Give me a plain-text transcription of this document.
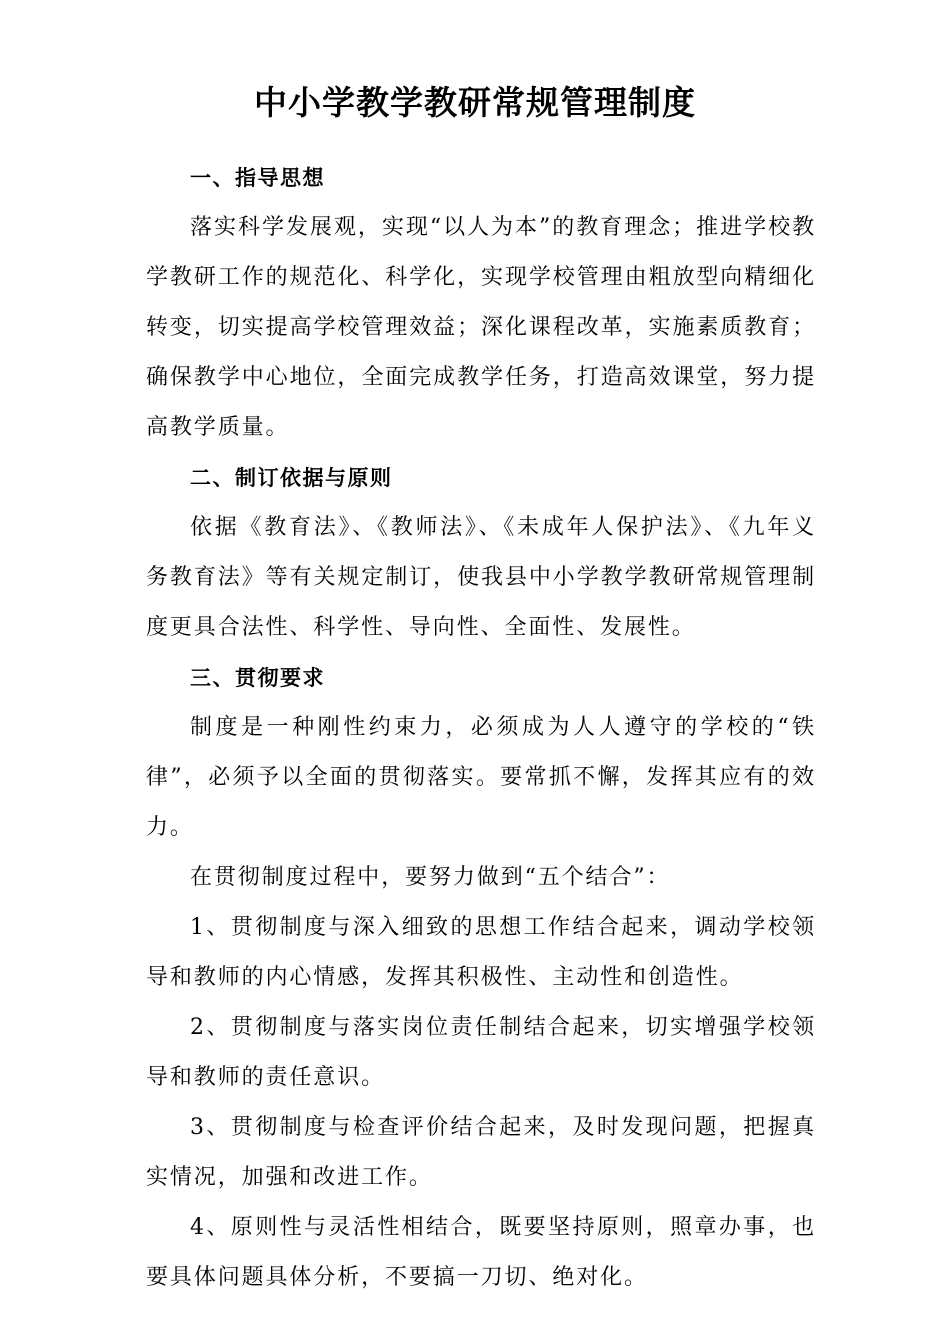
中小学教学教研常规管理制度
一、指导思想

落实科学发展观，实现“以人为本”的教育理念；推进学校教学教研工作的规范化、科学化，实现学校管理由粗放型向精细化转变，切实提高学校管理效益；深化课程改革，实施素质教育；确保教学中心地位，全面完成教学任务，打造高效课堂，努力提高教学质量。

二、制订依据与原则

依据《教育法》、《教师法》、《未成年人保护法》、《九年义务教育法》等有关规定制订，使我县中小学教学教研常规管理制度更具合法性、科学性、导向性、全面性、发展性。

三、贯彻要求

制度是一种刚性约束力，必须成为人人遵守的学校的“铁律”，必须予以全面的贯彻落实。要常抓不懈，发挥其应有的效力。

在贯彻制度过程中，要努力做到“五个结合”：

1、贯彻制度与深入细致的思想工作结合起来，调动学校领导和教师的内心情感，发挥其积极性、主动性和创造性。

2、贯彻制度与落实岗位责任制结合起来，切实增强学校领导和教师的责任意识。

3、贯彻制度与检查评价结合起来，及时发现问题，把握真实情况，加强和改进工作。

4、原则性与灵活性相结合，既要坚持原则，照章办事，也要具体问题具体分析，不要搞一刀切、绝对化。
